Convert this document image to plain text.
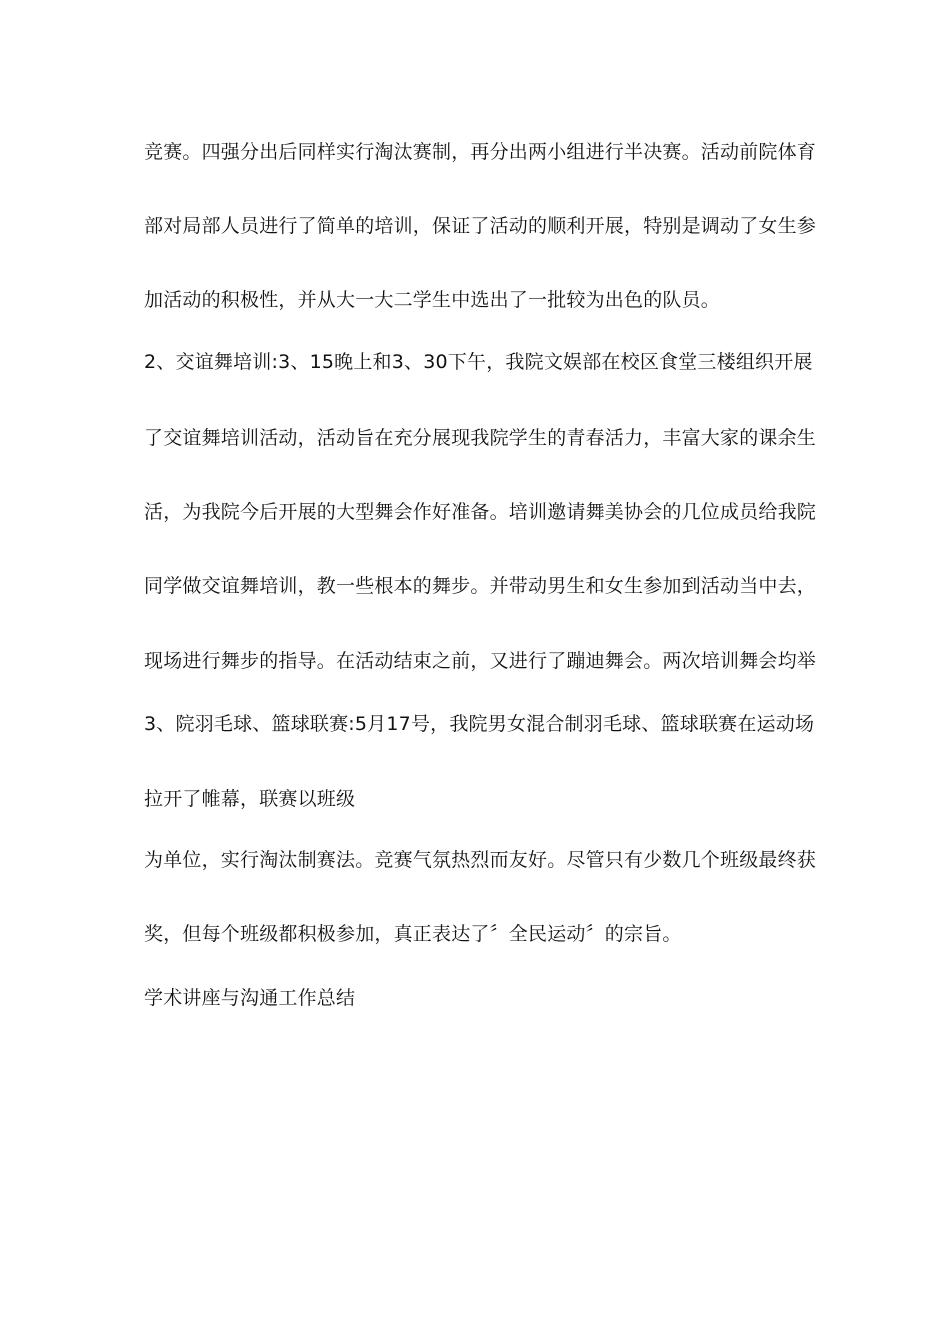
竞赛。四强分出后同样实行淘汰赛制，再分出两小组进行半决赛。活动前院体育
部对局部人员进行了简单的培训，保证了活动的顺利开展，特别是调动了女生参
加活动的积极性，并从大一大二学生中选出了一批较为出色的队员。
2、交谊舞培训:3、15晚上和3、30下午，我院文娱部在校区食堂三楼组织开展
了交谊舞培训活动，活动旨在充分展现我院学生的青春活力，丰富大家的课余生
活，为我院今后开展的大型舞会作好准备。培训邀请舞美协会的几位成员给我院
同学做交谊舞培训，教一些根本的舞步。并带动男生和女生参加到活动当中去，
现场进行舞步的指导。在活动结束之前，又进行了蹦迪舞会。两次培训舞会均举
3、院羽毛球、篮球联赛:5月17号，我院男女混合制羽毛球、篮球联赛在运动场
拉开了帷幕，联赛以班级
为单位，实行淘汰制赛法。竞赛气氛热烈而友好。尽管只有少数几个班级最终获
奖，但每个班级都积极参加，真正表达了〞全民运动〞的宗旨。
学术讲座与沟通工作总结
